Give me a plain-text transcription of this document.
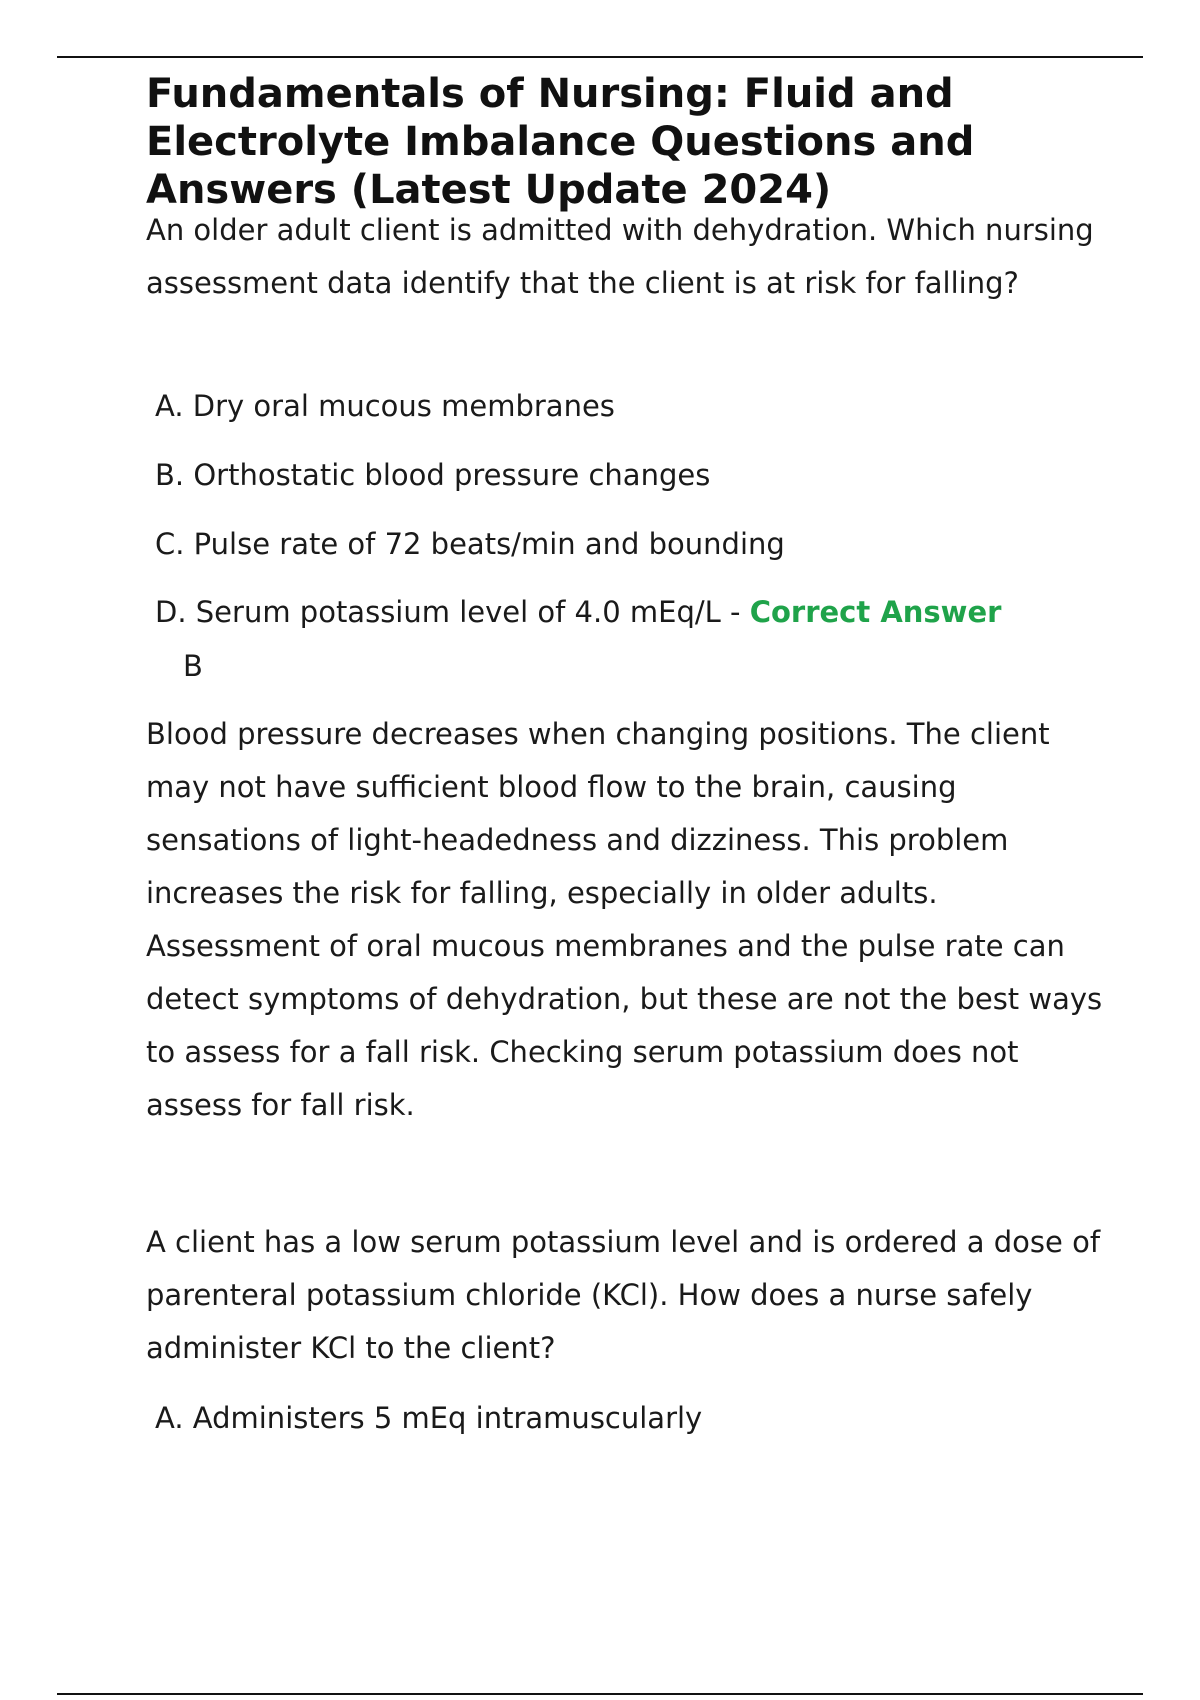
Fundamentals of Nursing: Fluid and Electrolyte Imbalance Questions and Answers (Latest Update 2024)

An older adult client is admitted with dehydration. Which nursing assessment data identify that the client is at risk for falling?

A. Dry oral mucous membranes

B. Orthostatic blood pressure changes

C. Pulse rate of 72 beats/min and bounding

D. Serum potassium level of 4.0 mEq/L - Correct Answer

B

Blood pressure decreases when changing positions. The client may not have sufficient blood flow to the brain, causing sensations of light-headedness and dizziness. This problem increases the risk for falling, especially in older adults. Assessment of oral mucous membranes and the pulse rate can detect symptoms of dehydration, but these are not the best ways to assess for a fall risk. Checking serum potassium does not assess for fall risk.

A client has a low serum potassium level and is ordered a dose of parenteral potassium chloride (KCl). How does a nurse safely administer KCl to the client?

A. Administers 5 mEq intramuscularly
